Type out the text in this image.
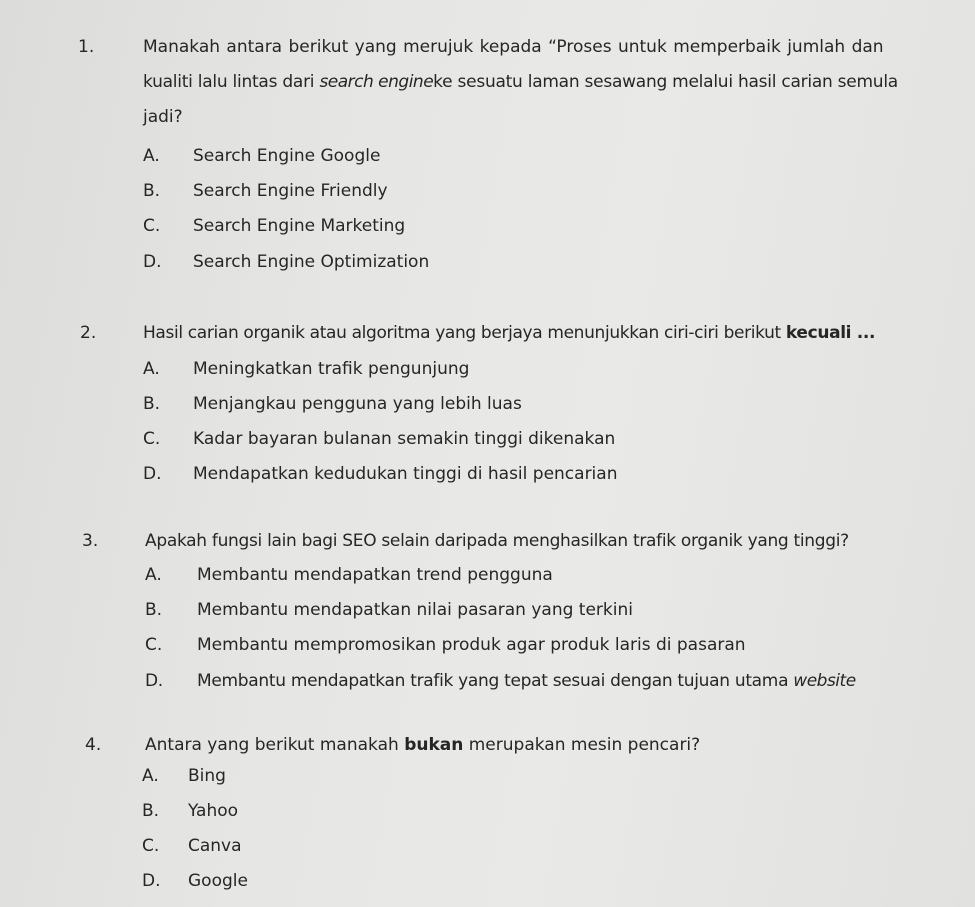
1.	Manakah antara berikut yang merujuk kepada “Proses untuk memperbaik jumlah dan
kualiti lalu lintas dari search engineke sesuatu laman sesawang melalui hasil carian semula
jadi?
A. Search Engine Google
B. Search Engine Friendly
C. Search Engine Marketing
D. Search Engine Optimization
2.	Hasil carian organik atau algoritma yang berjaya menunjukkan ciri-ciri berikut kecuali ...
A. Meningkatkan trafik pengunjung
B. Menjangkau pengguna yang lebih luas
C. Kadar bayaran bulanan semakin tinggi dikenakan
D. Mendapatkan kedudukan tinggi di hasil pencarian
3.	Apakah fungsi lain bagi SEO selain daripada menghasilkan trafik organik yang tinggi?
A. Membantu mendapatkan trend pengguna
B. Membantu mendapatkan nilai pasaran yang terkini
C. Membantu mempromosikan produk agar produk laris di pasaran
D. Membantu mendapatkan trafik yang tepat sesuai dengan tujuan utama website
4.	Antara yang berikut manakah bukan merupakan mesin pencari?
A. Bing
B. Yahoo
C. Canva
D. Google
